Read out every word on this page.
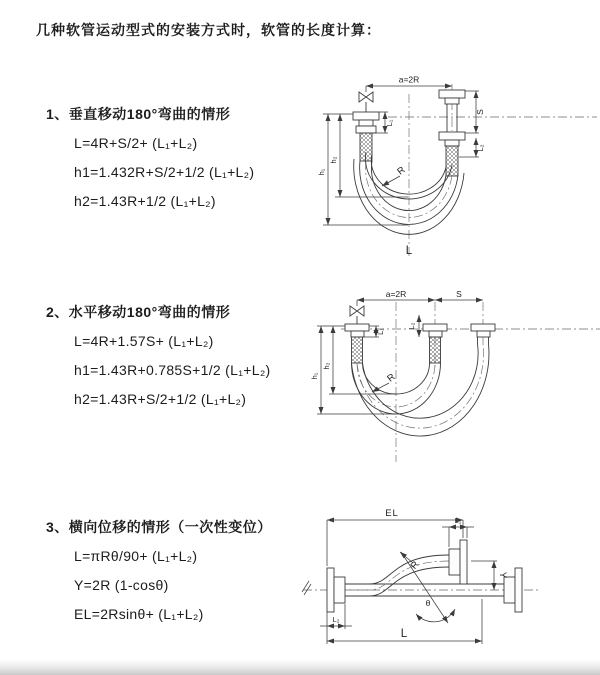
几种软管运动型式的安装方式时，软管的长度计算：
1、垂直移动180°弯曲的情形
L=4R+S/2+ (L₁+L₂)
h1=1.432R+S/2+1/2 (L₁+L₂)
h2=1.43R+1/2 (L₁+L₂)
a=2R
L₁
S
L₂
h₁
h₂
R
L
2、水平移动180°弯曲的情形
L=4R+1.57S+ (L₁+L₂)
h1=1.43R+0.785S+1/2 (L₁+L₂)
h2=1.43R+S/2+1/2 (L₁+L₂)
a=2R	S
L₁
L₂
h₁
h₂
R
3、横向位移的情形（一次性变位）
L=πRθ/90+ (L₁+L₂)
Y=2R (1-cosθ)
EL=2Rsinθ+ (L₁+L₂)
θ
R
EL
L₁
Y
L
L₂
